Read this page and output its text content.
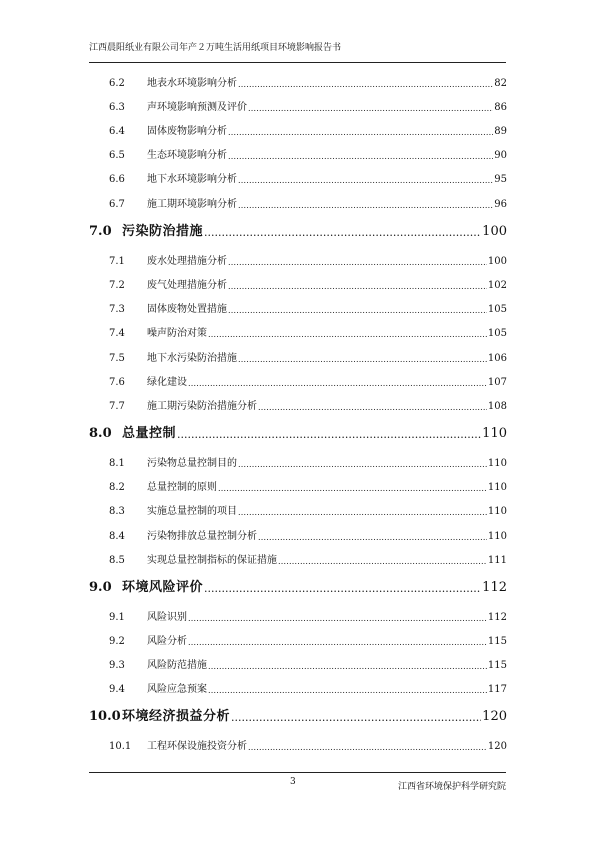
江西晨阳纸业有限公司年产２万吨生活用纸项目环境影响报告书
6.2	地表水环境影响分析 .....	82
6.3	声环境影响预测及评价 .....	86
6.4	固体废物影响分析 .....	89
6.5	生态环境影响分析 .....	90
6.6	地下水环境影响分析 .....	95
6.7	施工期环境影响分析 .....	96
7.0 污染防治措施 .....	100
7.1	废水处理措施分析 .....	100
7.2	废气处理措施分析 .....	102
7.3	固体废物处置措施 .....	105
7.4	噪声防治对策 .....	105
7.5	地下水污染防治措施 .....	106
7.6	绿化建设 .....	107
7.7	施工期污染防治措施分析 .....	108
8.0 总量控制 .....	110
8.1	污染物总量控制目的 .....	110
8.2	总量控制的原则 .....	110
8.3	实施总量控制的项目 .....	110
8.4	污染物排放总量控制分析 .....	110
8.5	实现总量控制指标的保证措施 .....	111
9.0 环境风险评价 .....	112
9.1	风险识别 .....	112
9.2	风险分析 .....	115
9.3	风险防范措施 .....	115
9.4	风险应急预案 .....	117
10.0 环境经济损益分析 .....	120
10.1	工程环保设施投资分析 .....	120
3	江西省环境保护科学研究院
